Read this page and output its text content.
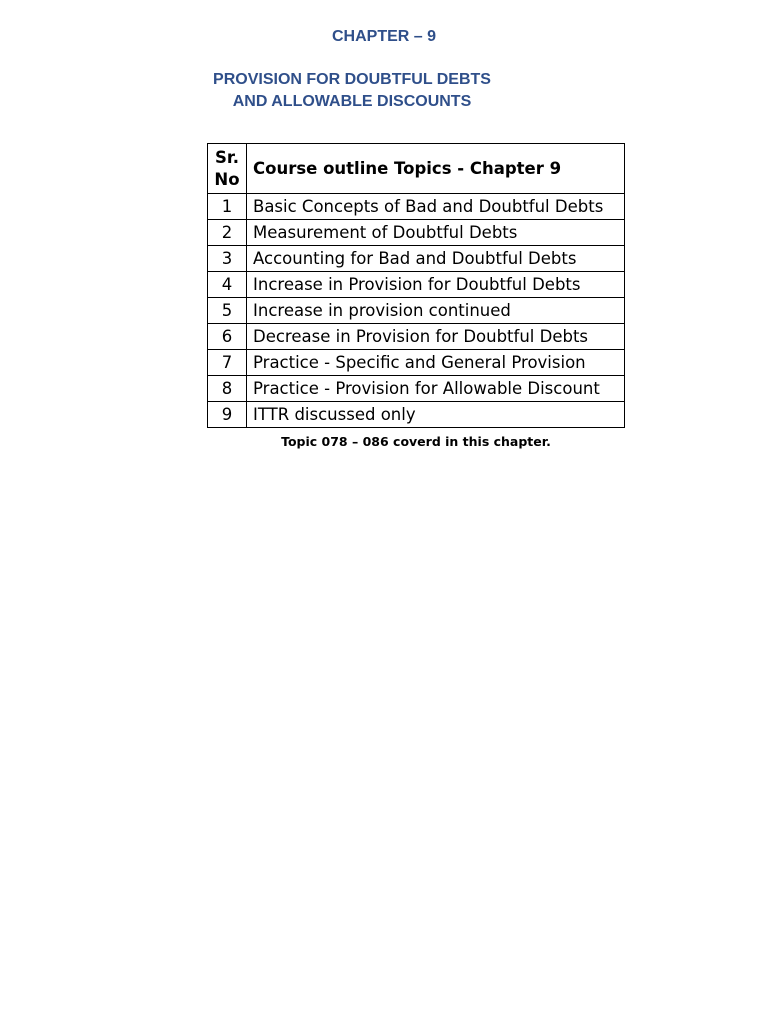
CHAPTER – 9
PROVISION FOR DOUBTFUL DEBTS
AND ALLOWABLE DISCOUNTS
Sr.
No	Course outline Topics - Chapter 9
1	Basic Concepts of Bad and Doubtful Debts
2	Measurement of Doubtful Debts
3	Accounting for Bad and Doubtful Debts
4	Increase in Provision for Doubtful Debts
5	Increase in provision continued
6	Decrease in Provision for Doubtful Debts
7	Practice - Specific and General Provision
8	Practice - Provision for Allowable Discount
9	ITTR discussed only
Topic 078 – 086 coverd in this chapter.
